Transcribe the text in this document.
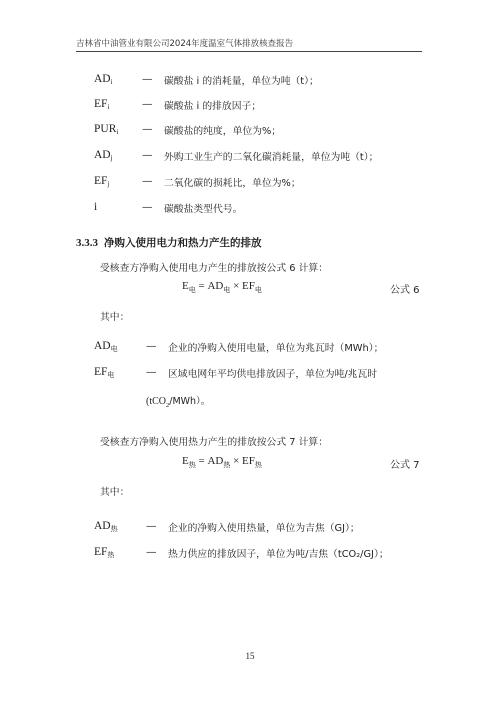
吉林省中油管业有限公司2024年度温室气体排放核查报告
$AD_i$	— 碳酸盐 i 的消耗量，单位为吨（t）；
$EF_i$	— 碳酸盐 i 的排放因子；
$PUR_i$ — 碳酸盐的纯度，单位为%；
$AD_j$	— 外购工业生产的二氧化碳消耗量，单位为吨（t）；
$EF_j$	— 二氧化碳的损耗比，单位为%；
i	— 碳酸盐类型代号。
3.3.3 净购入使用电力和热力产生的排放
受核查方净购入使用电力产生的排放按公式 6 计算：
$E_电 = AD_电 \times EF_电$	公式 6
其中：
$AD_电$	— 企业的净购入使用电量，单位为兆瓦时（MWh）；
$EF_电$	— 区域电网年平均供电排放因子，单位为吨/兆瓦时
(tCO$_2$/MWh）。
受核查方净购入使用热力产生的排放按公式 7 计算：
$E_热 = AD_热 \times EF_热$	公式 7
其中：
$AD_热$	— 企业的净购入使用热量，单位为吉焦（GJ）；
$EF_热$	— 热力供应的排放因子，单位为吨/吉焦（tCO₂/GJ）；
15
